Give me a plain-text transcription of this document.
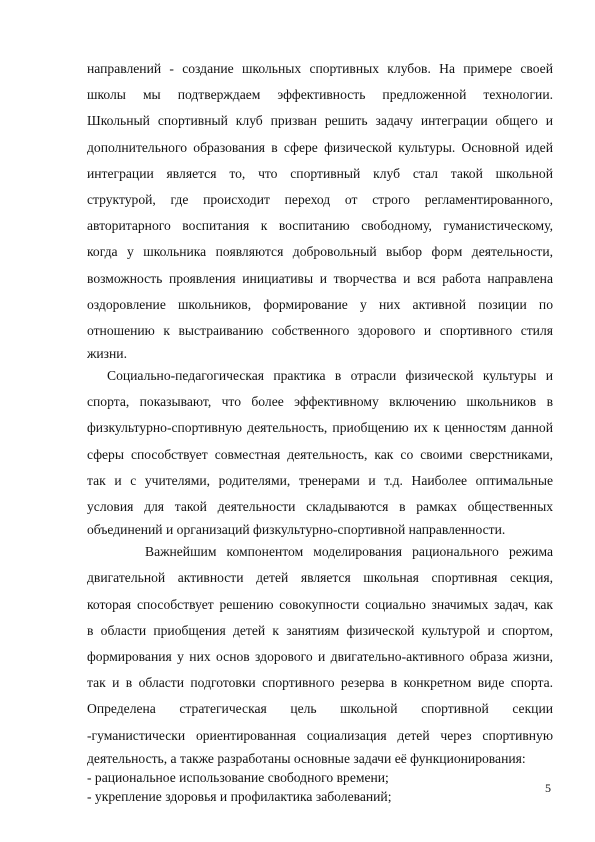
направлений - создание школьных спортивных клубов. На примере своей
школы мы подтверждаем эффективность предложенной технологии.
Школьный спортивный клуб призван решить задачу интеграции общего и
дополнительного образования в сфере физической культуры. Основной идей
интеграции является то, что спортивный клуб стал такой школьной
структурой, где происходит переход от строго регламентированного,
авторитарного воспитания к воспитанию свободному, гуманистическому,
когда у школьника появляются добровольный выбор форм деятельности,
возможность проявления инициативы и творчества и вся работа направлена
оздоровление школьников, формирование у них активной позиции по
отношению к выстраиванию собственного здорового и спортивного стиля
жизни.
Социально-педагогическая практика в отрасли физической культуры и
спорта, показывают, что более эффективному включению школьников в
физкультурно-спортивную деятельность, приобщению их к ценностям данной
сферы способствует совместная деятельность, как со своими сверстниками,
так и с учителями, родителями, тренерами и т.д. Наиболее оптимальные
условия для такой деятельности складываются в рамках общественных
объединений и организаций физкультурно-спортивной направленности.
Важнейшим компонентом моделирования рационального режима
двигательной активности детей является школьная спортивная секция,
которая способствует решению совокупности социально значимых задач, как
в области приобщения детей к занятиям физической культурой и спортом,
формирования у них основ здорового и двигательно-активного образа жизни,
так и в области подготовки спортивного резерва в конкретном виде спорта.
Определена стратегическая цель школьной спортивной секции
-гуманистически ориентированная социализация детей через спортивную
деятельность, а также разработаны основные задачи её функционирования:
- рациональное использование свободного времени;
- укрепление здоровья и профилактика заболеваний;
5
